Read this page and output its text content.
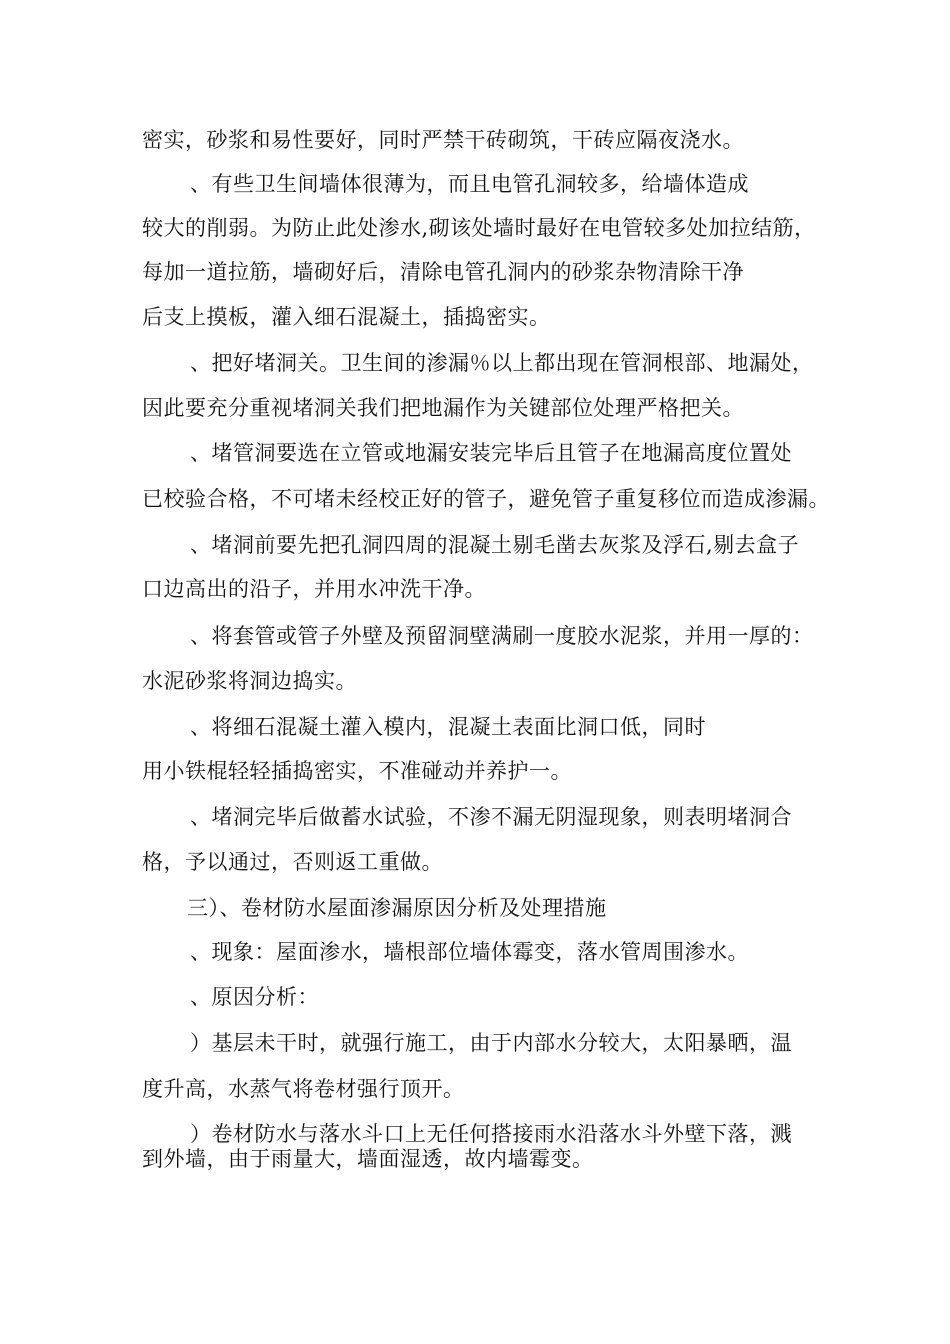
密实，砂浆和易性要好，同时严禁干砖砌筑，干砖应隔夜浇水。
、有些卫生间墙体很薄为，而且电管孔洞较多，给墙体造成
较大的削弱。为防止此处渗水,砌该处墙时最好在电管较多处加拉结筋，
每加一道拉筋，墙砌好后，清除电管孔洞内的砂浆杂物清除干净
后支上摸板，灌入细石混凝土，插捣密实。
、把好堵洞关。卫生间的渗漏％以上都出现在管洞根部、地漏处，
因此要充分重视堵洞关我们把地漏作为关键部位处理严格把关。
、堵管洞要选在立管或地漏安装完毕后且管子在地漏高度位置处
已校验合格，不可堵未经校正好的管子，避免管子重复移位而造成渗漏。
、堵洞前要先把孔洞四周的混凝土剔毛凿去灰浆及浮石,剔去盒子
口边高出的沿子，并用水冲洗干净。
、将套管或管子外壁及预留洞壁满刷一度胶水泥浆，并用一厚的：
水泥砂浆将洞边捣实。
、将细石混凝土灌入模内，混凝土表面比洞口低，同时
用小铁棍轻轻插捣密实，不准碰动并养护一。
、堵洞完毕后做蓄水试验，不渗不漏无阴湿现象，则表明堵洞合
格，予以通过，否则返工重做。
三）、卷材防水屋面渗漏原因分析及处理措施
、现象：屋面渗水，墙根部位墙体霉变，落水管周围渗水。
、原因分析：
）基层未干时，就强行施工，由于内部水分较大，太阳暴晒，温
度升高，水蒸气将卷材强行顶开。
）卷材防水与落水斗口上无任何搭接雨水沿落水斗外壁下落，溅
到外墙，由于雨量大，墙面湿透，故内墙霉变。
